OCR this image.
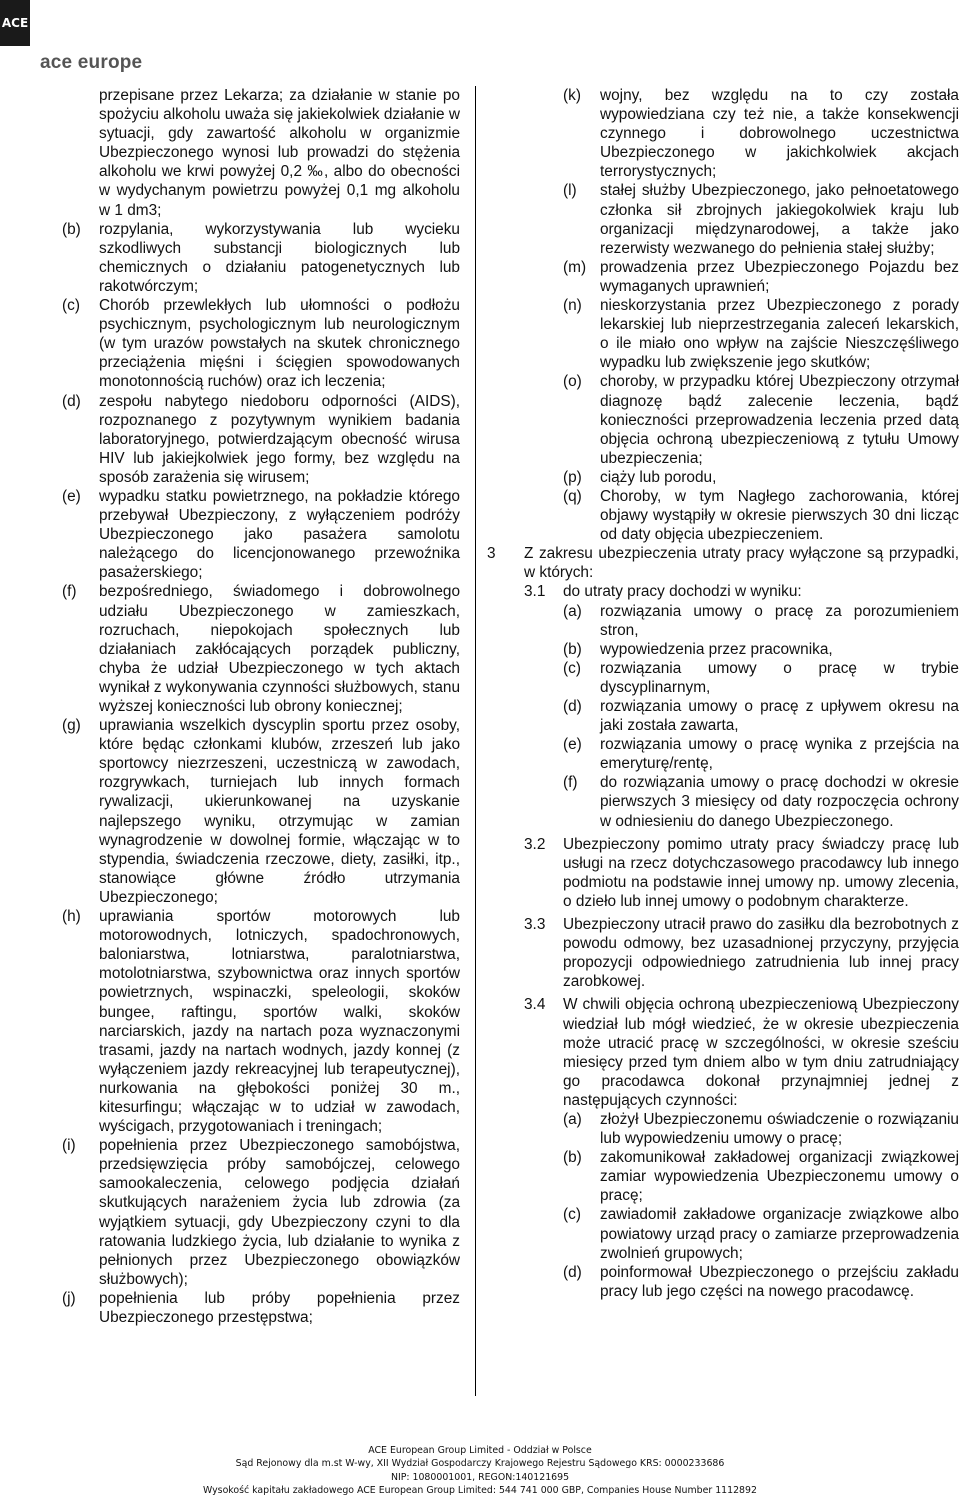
ACE
ace europe
przepisane przez Lekarza; za działanie w stanie po spożyciu alkoholu uważa się jakiekolwiek działanie w sytuacji, gdy zawartość alkoholu w organizmie Ubezpieczonego wynosi lub prowadzi do stężenia alkoholu we krwi powyżej 0,2 ‰, albo do obecności w wydychanym powietrzu powyżej 0,1 mg alkoholu w 1 dm3;
(b) rozpylania, wykorzystywania lub wycieku szkodliwych substancji biologicznych lub chemicznych o działaniu patogenetycznych lub rakotwórczym;
(c) Chorób przewlekłych lub ułomności o podłożu psychicznym, psychologicznym lub neurologicznym (w tym urazów powstałych na skutek chronicznego przeciążenia mięśni i ścięgien spowodowanych monotonnością ruchów) oraz ich leczenia;
(d) zespołu nabytego niedoboru odporności (AIDS), rozpoznanego z pozytywnym wynikiem badania laboratoryjnego, potwierdzającym obecność wirusa HIV lub jakiejkolwiek jego formy, bez względu na sposób zarażenia się wirusem;
(e) wypadku statku powietrznego, na pokładzie którego przebywał Ubezpieczony, z wyłączeniem podróży Ubezpieczonego jako pasażera samolotu należącego do licencjonowanego przewoźnika pasażerskiego;
(f) bezpośredniego, świadomego i dobrowolnego udziału Ubezpieczonego w zamieszkach, rozruchach, niepokojach społecznych lub działaniach zakłócających porządek publiczny, chyba że udział Ubezpieczonego w tych aktach wynikał z wykonywania czynności służbowych, stanu wyższej konieczności lub obrony koniecznej;
(g) uprawiania wszelkich dyscyplin sportu przez osoby, które będąc członkami klubów, zrzeszeń lub jako sportowcy niezrzeszeni, uczestniczą w zawodach, rozgrywkach, turniejach lub innych formach rywalizacji, ukierunkowanej na uzyskanie najlepszego wyniku, otrzymując w zamian wynagrodzenie w dowolnej formie, włączając w to stypendia, świadczenia rzeczowe, diety, zasiłki, itp., stanowiące główne źródło utrzymania Ubezpieczonego;
(h) uprawiania sportów motorowych lub motorowodnych, lotniczych, spadochronowych, baloniarstwa, lotniarstwa, paralotniarstwa, motolotniarstwa, szybownictwa oraz innych sportów powietrznych, wspinaczki, speleologii, skoków bungee, raftingu, sportów walki, skoków narciarskich, jazdy na nartach poza wyznaczonymi trasami, jazdy na nartach wodnych, jazdy konnej (z wyłączeniem jazdy rekreacyjnej lub terapeutycznej), nurkowania na głębokości poniżej 30 m., kitesurfingu; włączając w to udział w zawodach, wyścigach, przygotowaniach i treningach;
(i) popełnienia przez Ubezpieczonego samobójstwa, przedsięwzięcia próby samobójczej, celowego samookaleczenia, celowego podjęcia działań skutkujących narażeniem życia lub zdrowia (za wyjątkiem sytuacji, gdy Ubezpieczony czyni to dla ratowania ludzkiego życia, lub działanie to wynika z pełnionych przez Ubezpieczonego obowiązków służbowych);
(j) popełnienia lub próby popełnienia przez Ubezpieczonego przestępstwa;
(k) wojny, bez względu na to czy została wypowiedziana czy też nie, a także konsekwencji czynnego i dobrowolnego uczestnictwa Ubezpieczonego w jakichkolwiek akcjach terrorystycznych;
(l) stałej służby Ubezpieczonego, jako pełnoetatowego członka sił zbrojnych jakiegokolwiek kraju lub organizacji międzynarodowej, a także jako rezerwisty wezwanego do pełnienia stałej służby;
(m) prowadzenia przez Ubezpieczonego Pojazdu bez wymaganych uprawnień;
(n) nieskorzystania przez Ubezpieczonego z porady lekarskiej lub nieprzestrzegania zaleceń lekarskich, o ile miało ono wpływ na zajście Nieszczęśliwego wypadku lub zwiększenie jego skutków;
(o) choroby, w przypadku której Ubezpieczony otrzymał diagnozę bądź zalecenie leczenia, bądź konieczności przeprowadzenia leczenia przed datą objęcia ochroną ubezpieczeniową z tytułu Umowy ubezpieczenia;
(p) ciąży lub porodu,
(q) Choroby, w tym Nagłego zachorowania, której objawy wystąpiły w okresie pierwszych 30 dni licząc od daty objęcia ubezpieczeniem.
3 Z zakresu ubezpieczenia utraty pracy wyłączone są przypadki, w których:
3.1 do utraty pracy dochodzi w wyniku:
(a) rozwiązania umowy o pracę za porozumieniem stron,
(b) wypowiedzenia przez pracownika,
(c) rozwiązania umowy o pracę w trybie dyscyplinarnym,
(d) rozwiązania umowy o pracę z upływem okresu na jaki została zawarta,
(e) rozwiązania umowy o pracę wynika z przejścia na emeryturę/rentę,
(f) do rozwiązania umowy o pracę dochodzi w okresie pierwszych 3 miesięcy od daty rozpoczęcia ochrony w odniesieniu do danego Ubezpieczonego.
3.2 Ubezpieczony pomimo utraty pracy świadczy pracę lub usługi na rzecz dotychczasowego pracodawcy lub innego podmiotu na podstawie innej umowy np. umowy zlecenia, o dzieło lub innej umowy o podobnym charakterze.
3.3 Ubezpieczony utracił prawo do zasiłku dla bezrobotnych z powodu odmowy, bez uzasadnionej przyczyny, przyjęcia propozycji odpowiedniego zatrudnienia lub innej pracy zarobkowej.
3.4 W chwili objęcia ochroną ubezpieczeniową Ubezpieczony wiedział lub mógł wiedzieć, że w okresie ubezpieczenia może utracić pracę w szczególności, w okresie sześciu miesięcy przed tym dniem albo w tym dniu zatrudniający go pracodawca dokonał przynajmniej jednej z następujących czynności:
(a) złożył Ubezpieczonemu oświadczenie o rozwiązaniu lub wypowiedzeniu umowy o pracę;
(b) zakomunikował zakładowej organizacji związkowej zamiar wypowiedzenia Ubezpieczonemu umowy o pracę;
(c) zawiadomił zakładowe organizacje związkowe albo powiatowy urząd pracy o zamiarze przeprowadzenia zwolnień grupowych;
(d) poinformował Ubezpieczonego o przejściu zakładu pracy lub jego części na nowego pracodawcę.
ACE European Group Limited - Oddział w Polsce
Sąd Rejonowy dla m.st W-wy, XII Wydział Gospodarczy Krajowego Rejestru Sądowego KRS: 0000233686
NIP: 1080001001, REGON:140121695
Wysokość kapitału zakładowego ACE European Group Limited: 544 741 000 GBP, Companies House Number 1112892
